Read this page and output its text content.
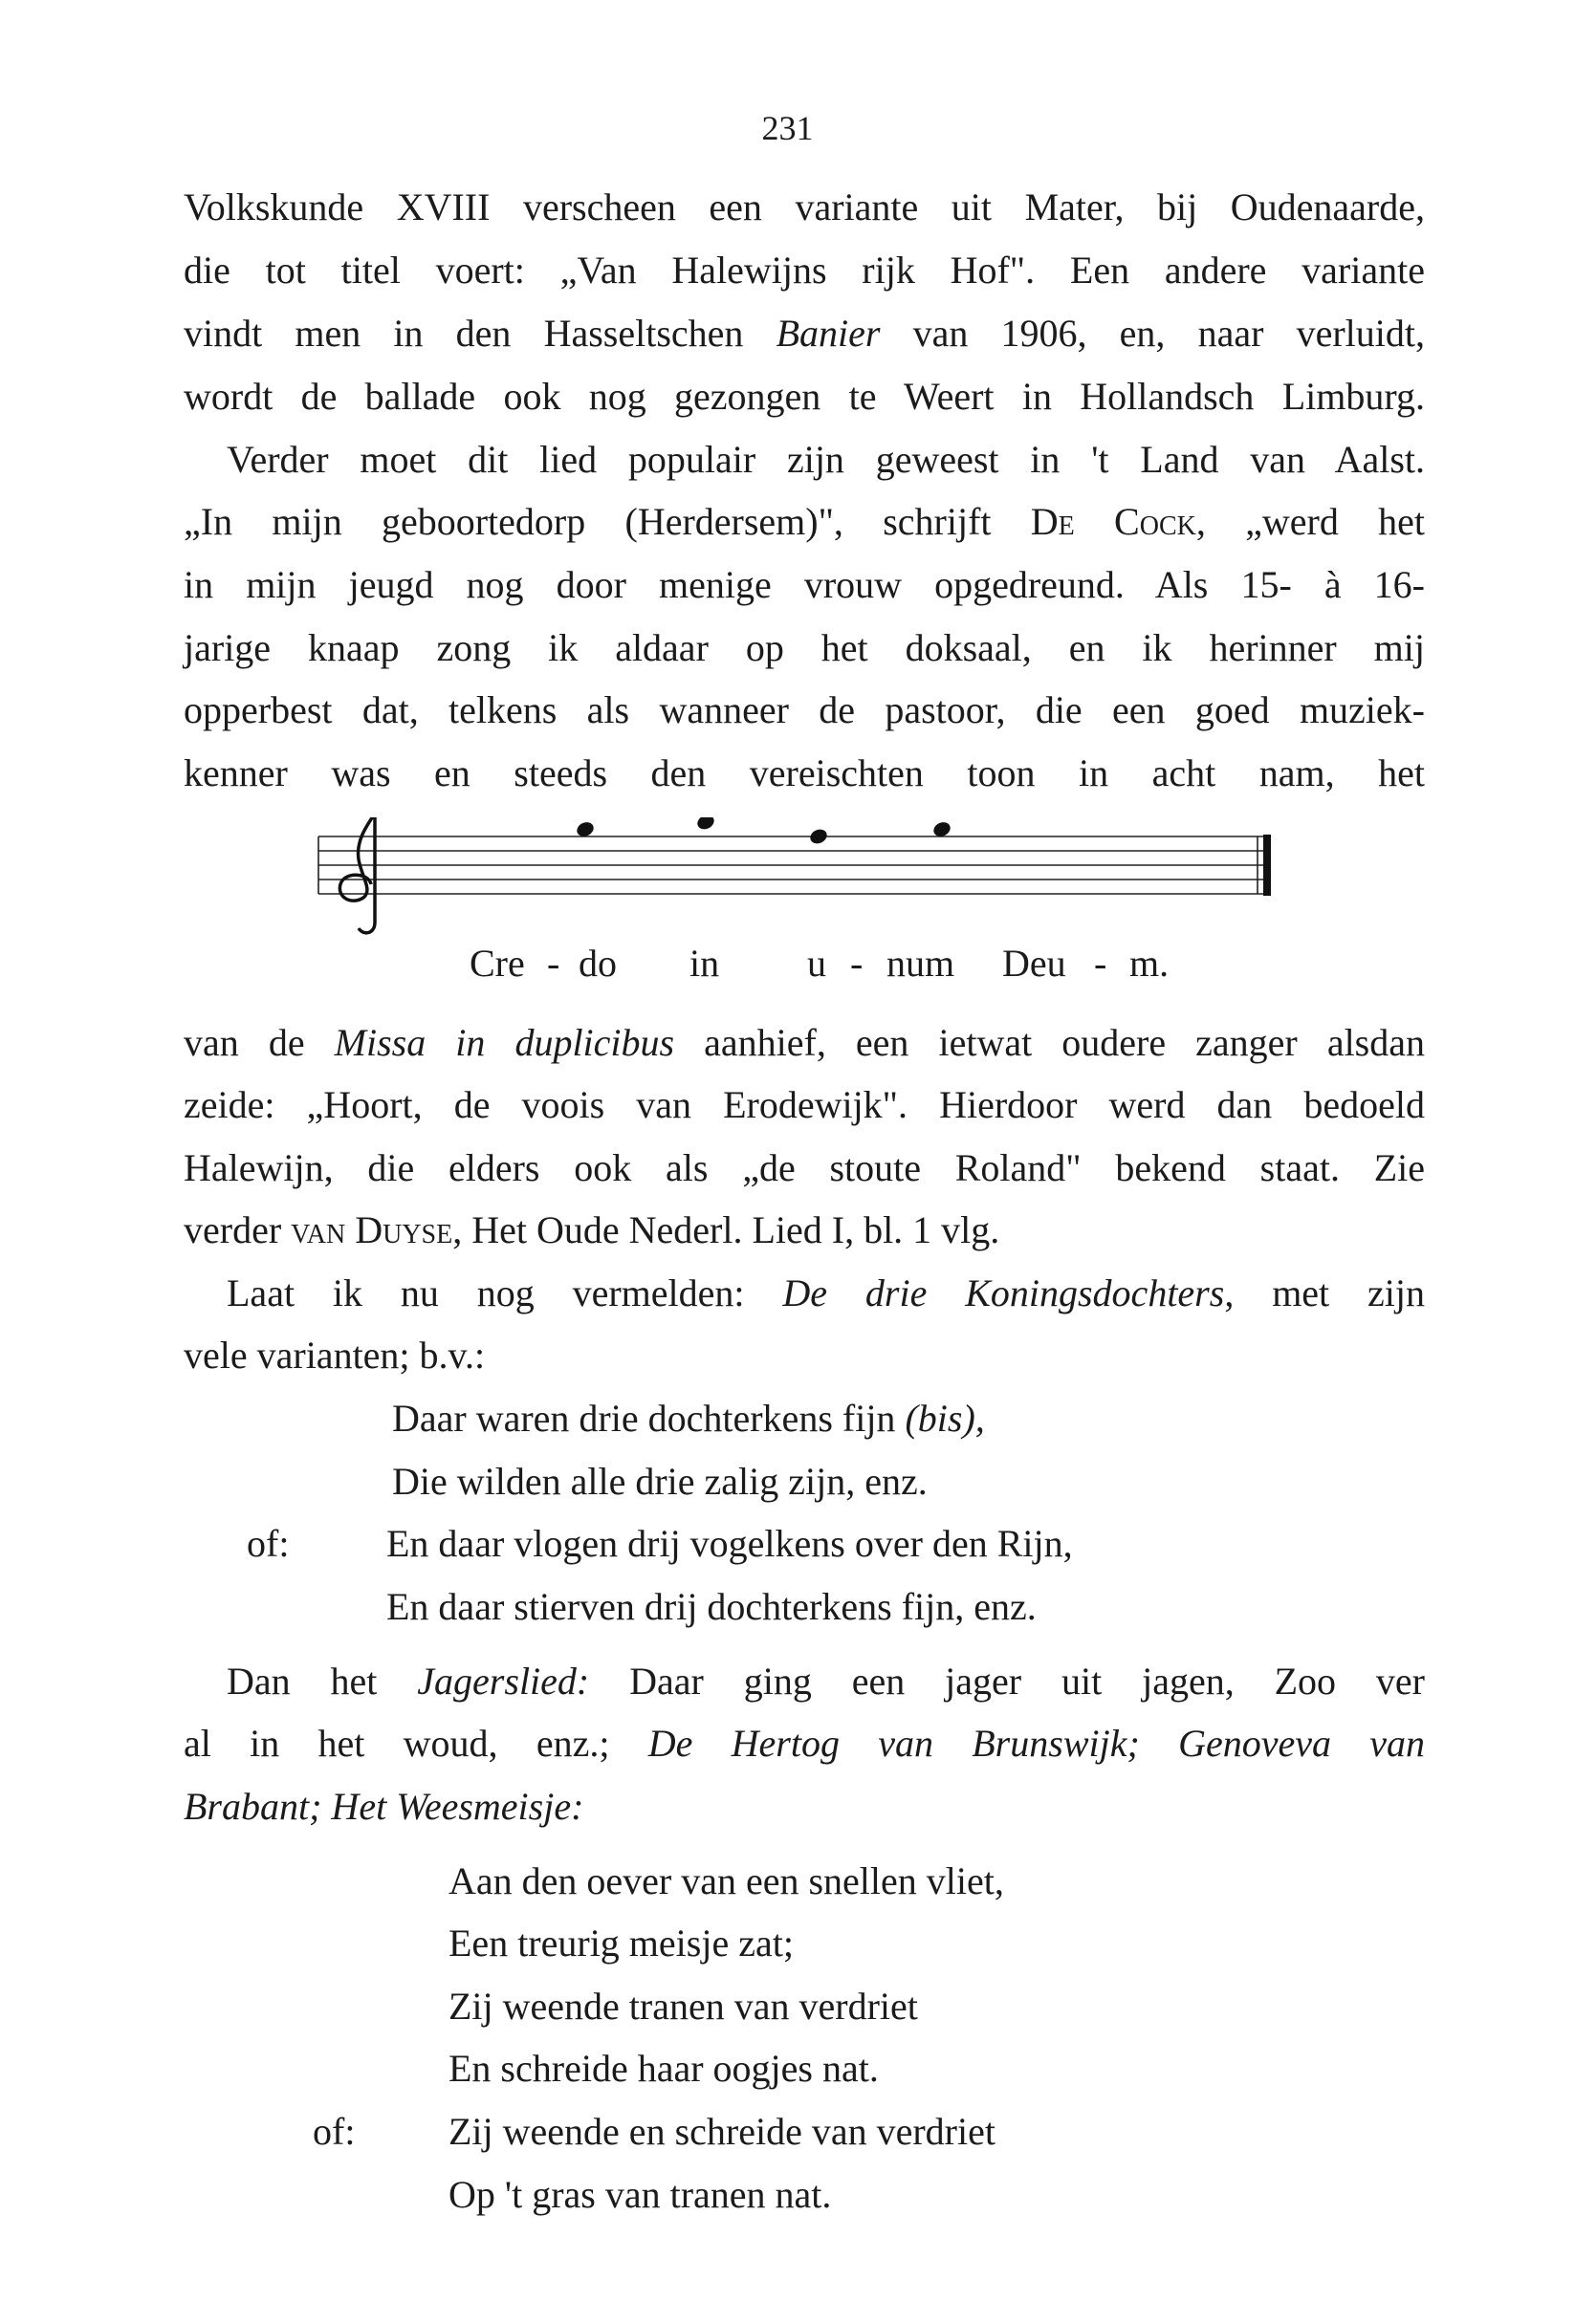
231
Volkskunde XVIII verscheen een variante uit Mater, bij Oudenaarde,
die tot titel voert: „Van Halewijns rijk Hof". Een andere variante
vindt men in den Hasseltschen Banier van 1906, en, naar verluidt,
wordt de ballade ook nog gezongen te Weert in Hollandsch Limburg.
Verder moet dit lied populair zijn geweest in 't Land van Aalst.
„In mijn geboortedorp (Herdersem)", schrijft De Cock, „werd het
in mijn jeugd nog door menige vrouw opgedreund. Als 15- à 16-
jarige knaap zong ik aldaar op het doksaal, en ik herinner mij
opperbest dat, telkens als wanneer de pastoor, die een goed muziek-
kenner was en steeds den vereischten toon in acht nam, het
Cre - do in u - num Deu - m.
van de Missa in duplicibus aanhief, een ietwat oudere zanger alsdan
zeide: „Hoort, de voois van Erodewijk". Hierdoor werd dan bedoeld
Halewijn, die elders ook als „de stoute Roland" bekend staat. Zie
verder van Duyse, Het Oude Nederl. Lied I, bl. 1 vlg.
Laat ik nu nog vermelden: De drie Koningsdochters, met zijn
vele varianten; b.v.:
Daar waren drie dochterkens fijn (bis),
Die wilden alle drie zalig zijn, enz.
of:	En daar vlogen drij vogelkens over den Rijn,
En daar stierven drij dochterkens fijn, enz.
Dan het Jagerslied: Daar ging een jager uit jagen, Zoo ver
al in het woud, enz.; De Hertog van Brunswijk; Genoveva van
Brabant; Het Weesmeisje:
Aan den oever van een snellen vliet,
Een treurig meisje zat;
Zij weende tranen van verdriet
En schreide haar oogjes nat.
of: Zij weende en schreide van verdriet
Op 't gras van tranen nat.
